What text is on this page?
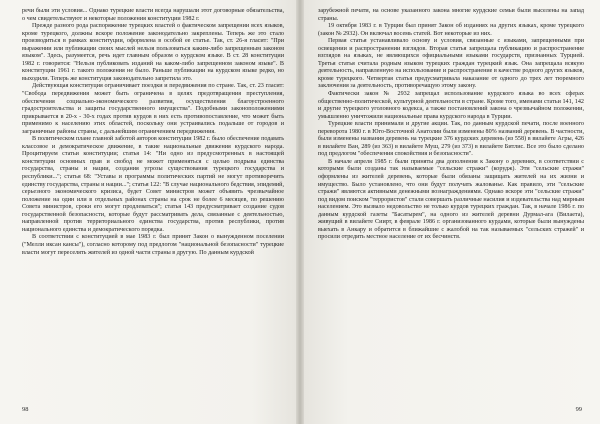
речи были эти условия... Однако турецкие власти всегда нарушали этот договорные обязательства, о чем свидетельствуют и некоторые положения конституции 1982 г.

Прежде разного рода распоряжение турецких властей о фактическом запрещении всех языков, кроме турецкого, должны вскоре положение законодательно закреплены. Теперь же это стало производиться в рамках конституции, оформлена в особой ее статье. Так, ст. 26-я гласит: "При выражении или публикации своих мыслей нельзя пользоваться каким-либо запрещенным законом языком". Здесь, разумеется, речь идет главным образом о курдском языке. В ст. 28 конституции 1982 г. говорится: "Нельзя публиковать изданий на каком-либо запрещенном законом языке". В конституции 1961 г. такого положения не было. Раньше публикации на курдском языке редко, но выходили. Теперь же конституция законодательно запретила это.

Действующая конституция ограничивает поездки и передвижения по стране. Так, ст. 23 гласит: "Свобода передвижения может быть ограничена в целях предотвращения преступления, обеспечения социально-экономического развития, осуществления благоустроенного градостроительства и защиты государственного имущества". Подобными законоположениями прикрывается в 20-х - 30-х годах против курдов в них есть противопоставление, что может быть применимо к населению этих областей, поскольку они устраивались подальше от городов и заграничные районы страны, с дальнейшим ограничением передвижения.

В политическом плане главной заботой авторов конституции 1982 г. было обеспечение подавать классовое и демократическое движение, в такие национальные движения курдского народа. Процитируем статьи конституции; статья 14: "Ни одно из предусмотренных в настоящей конституции основных прав и свобод не может применяться с целью подрыва единства государства, страны и нации, создания угрозы существования турецкого государства и республики..."; статья 68: "Уставы и программы политических партий не могут противоречить единству государства, страны и нации..."; статья 122: "В случае национального бедствия, эпидемий, серьезного экономического кризиса, будет Совет министров может объявить чрезвычайное положение на один или в отдельных районах страны на срок не более 6 месяцев, по решению Совета министров, сроки его могут продлеваться"; статья 143 предусматривает создание судов государственной безопасности, которые будут рассматривать дела, связанные с деятельностью, направленной против территориального единства государства, против республики, против национального единства и демократического порядка.

В соответствии с конституцией в мае 1983 г. был принят Закон о вынужденном поселении ("Мелли иксан кансы"), согласно которому под предлогом "национальной безопасности" турецкие власти могут переселять жителей из одной части страны в другую. По данным курдской

98

зарубежной печати, на основе указанного закона многие курдские семьи были выселены на запад страны.

19 октября 1983 г. в Турции был принят Закон об изданиях на других языках, кроме турецкого (закон № 2932). Он включал восемь статей. Вот некоторые из них.

Первая статья устанавливало основу и условия, связанные с языками, запрещенными при освещении и распространении взглядов. Вторая статья запрещала публикацию и распространение взглядов на языках, не являющихся официальными языками государств, признанных Турцией. Третья статья считала родным языком турецких граждан турецкий язык. Она запрещала всякую деятельность, направленную на использование и распространение в качестве родного других языков, кроме турецкого. Четвертая статья предусматривала наказание от одного до трех лет тюремного заключения за деятельность, противоречащую этому закону.

Фактически закон № 2932 запрещал использование курдского языка во всех сферах общественно-политической, культурной деятельности в стране. Кроме того, именами статьи 141, 142 и другие турецкого уголовного кодекса, а также постановлений закона о чрезвычайном положении, умышленно уничтожили национальные права курдского народа в Турции.

Турецкие власти принимали и другие акции. Так, по данным курдской печати, после военного переворота 1980 г. в Юго-Восточной Анатолии были изменены 80% названий деревень. В частности, были изменены названия деревень на турецкие 376 курдских деревень (из 558) в вилайете Агры, 426 в вилайете Ван, 289 (из 363) в вилайете Муш, 279 (из 373) в вилайете Битлис. Все это было сделано под предлогом "обеспечения спокойствия и безопасности".

В начале апреля 1985 г. были приняты два дополнения к Закону о деревнях, в соответствии с которыми были созданы так называемые "сельские стражи" (корудж). Эти "сельские стражи" оформлены из жителей деревень, которые были обязаны защищать жителей на их жизни и имущество. Было установлено, что они будут получать жалованье. Как правило, эти "сельские стражи" являются активными денежными вознаграждениями. Однако вскоре эти "сельские стражи" под видом поиском "террористов" стали совершать различные насилия и издевательства над мирным населением. Это вызвало недовольство не только курдов турецких граждан. Так, в начале 1986 г. по данным курдской газеты "Басатырем", на одного из жителей деревни Дурмал-ага (Вилаета), живущий в вилайете Сиирт, в феврале 1986 г. организованного курдами, которые были вынуждены выехать в Анкару и обратится в ближайшие с жалобой на так называемых "сельских стражей" и просили отредить местное население от их бесчинств.

99
